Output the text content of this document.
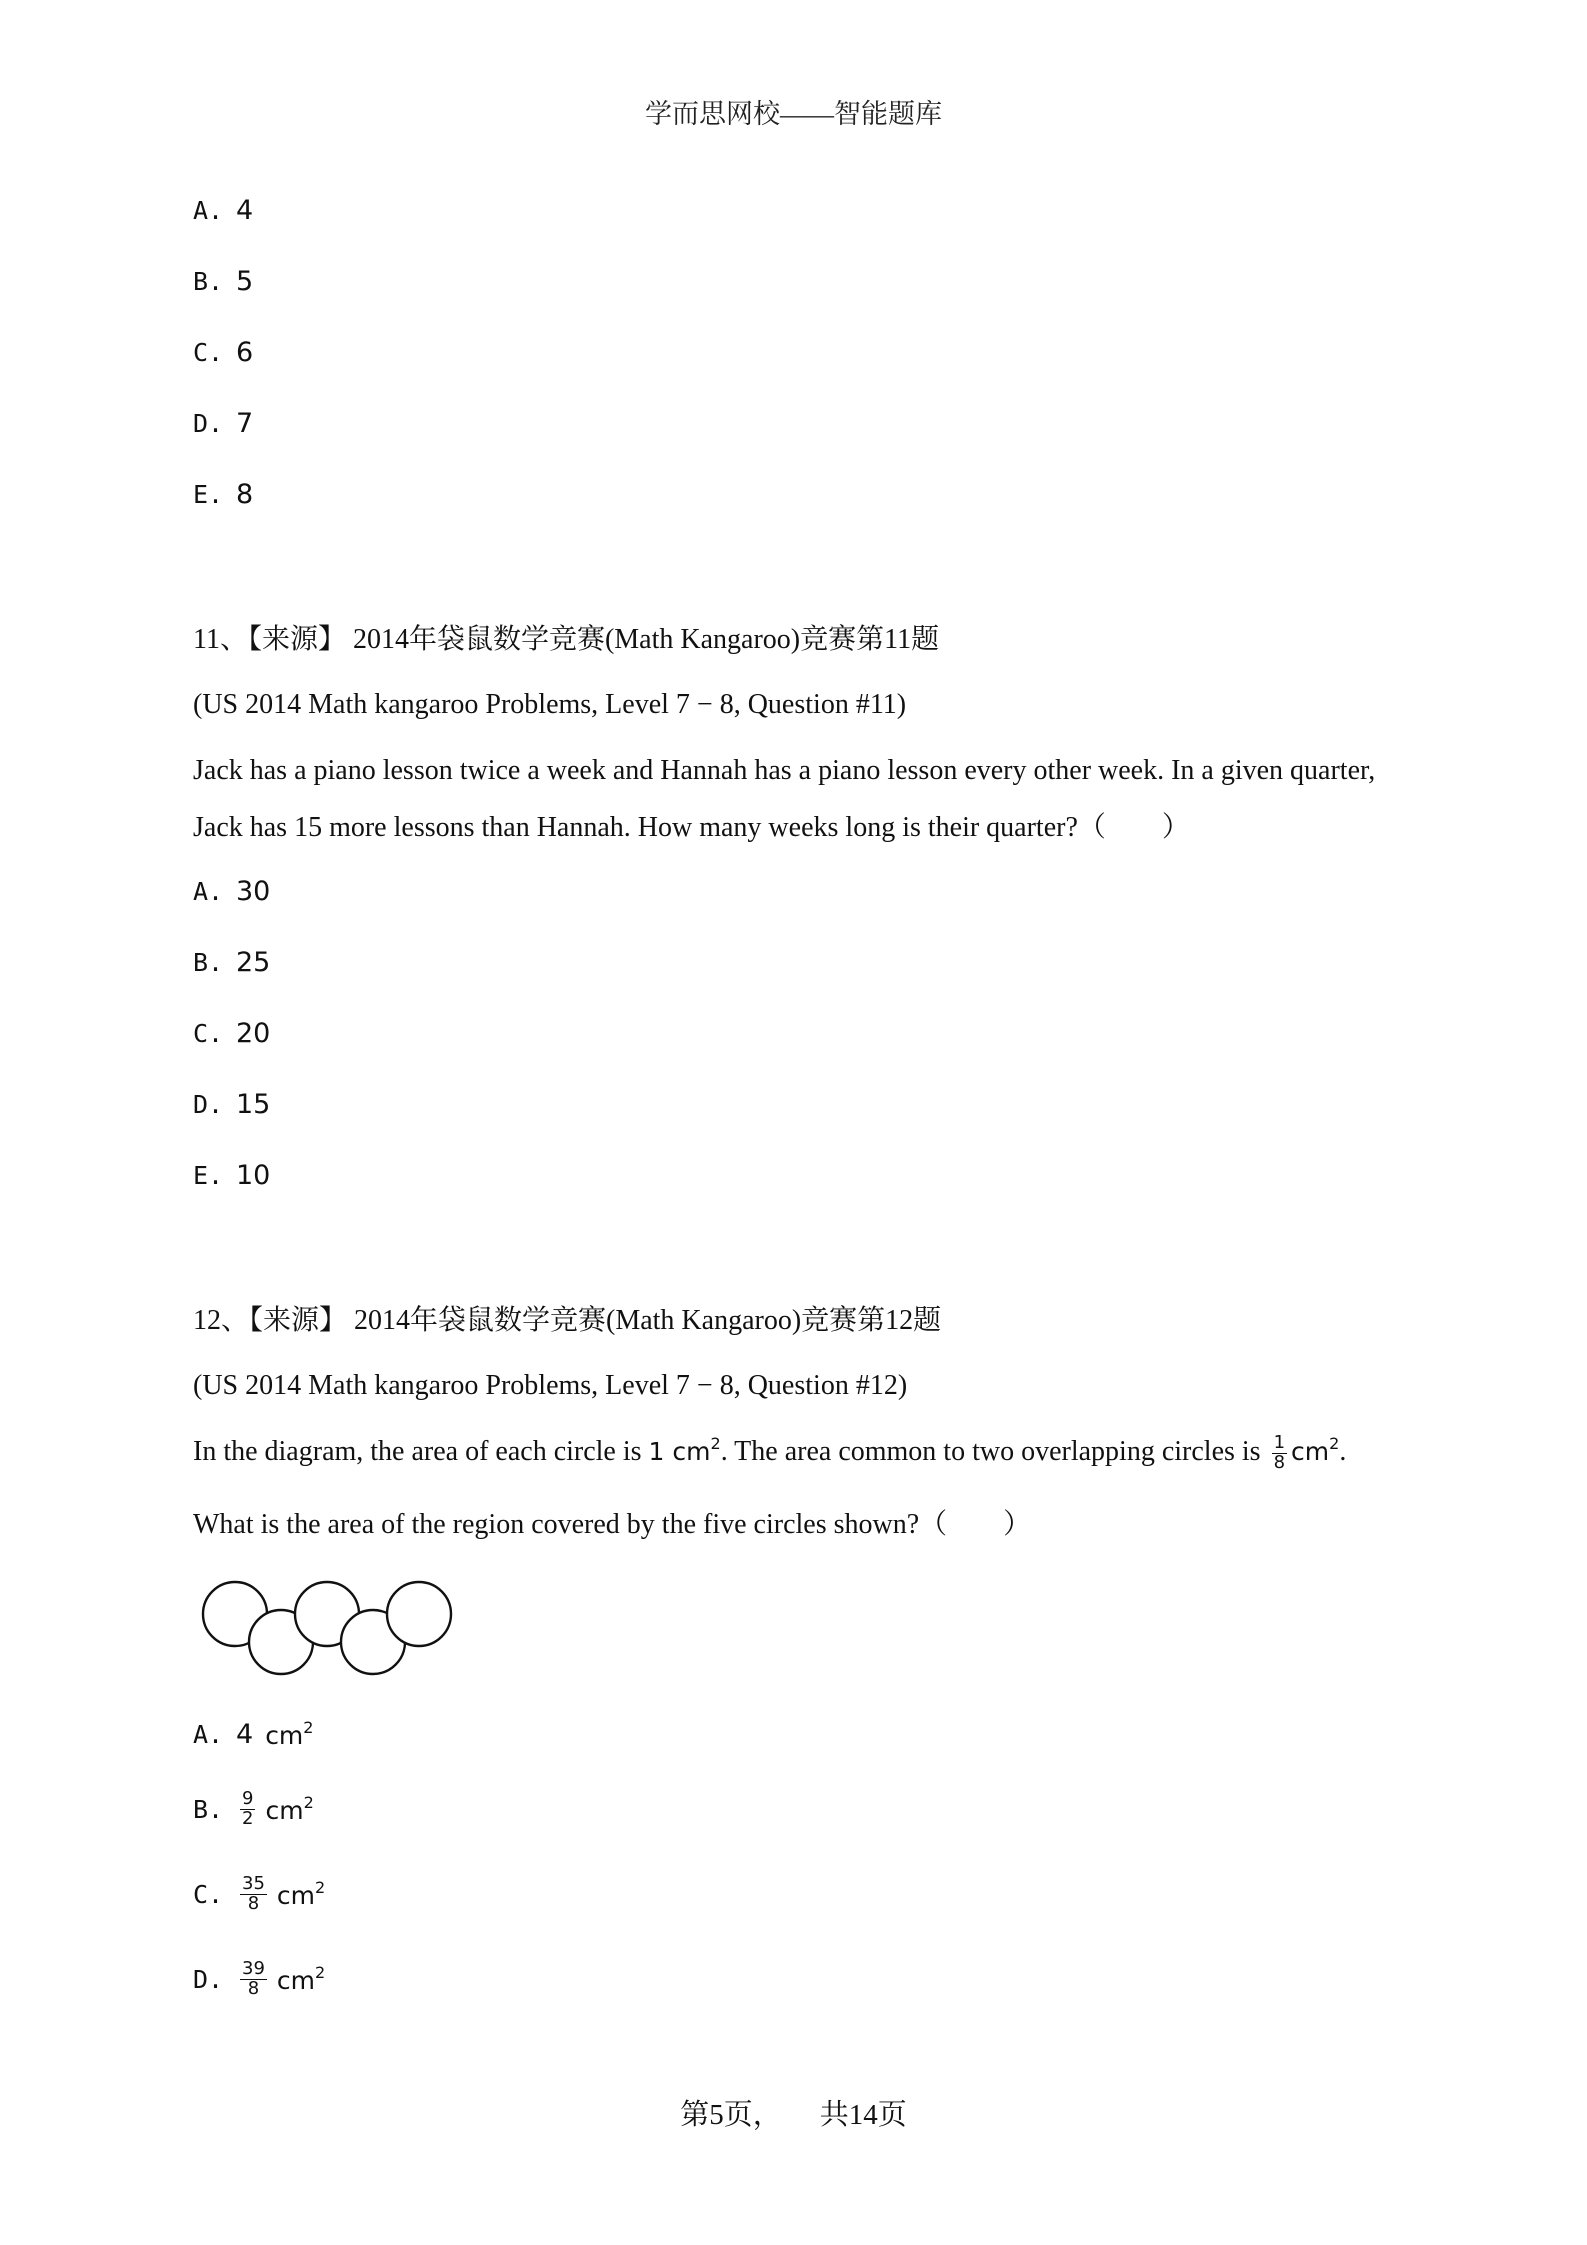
学而思网校——智能题库
A. 4
B. 5
C. 6
D. 7
E. 8
11、【来源】 2014年袋鼠数学竞赛(Math Kangaroo)竞赛第11题
(US 2014 Math kangaroo Problems, Level 7 − 8, Question #11)
Jack has a piano lesson twice a week and Hannah has a piano lesson every other week. In a given quarter,
Jack has 15 more lessons than Hannah. How many weeks long is their quarter?（　　）
A. 30
B. 25
C. 20
D. 15
E. 10
12、【来源】 2014年袋鼠数学竞赛(Math Kangaroo)竞赛第12题
(US 2014 Math kangaroo Problems, Level 7 − 8, Question #12)
In the diagram, the area of each circle is 1 $cm^2$. The area common to two overlapping circles is $\frac{1}{8} cm^2$.
What is the area of the region covered by the five circles shown?（　　）
A. 4 $cm^2$
B. $\frac{9}{2} cm^2$
C. $\frac{35}{8} cm^2$
D. $\frac{39}{8} cm^2$
第5页， 共14页
